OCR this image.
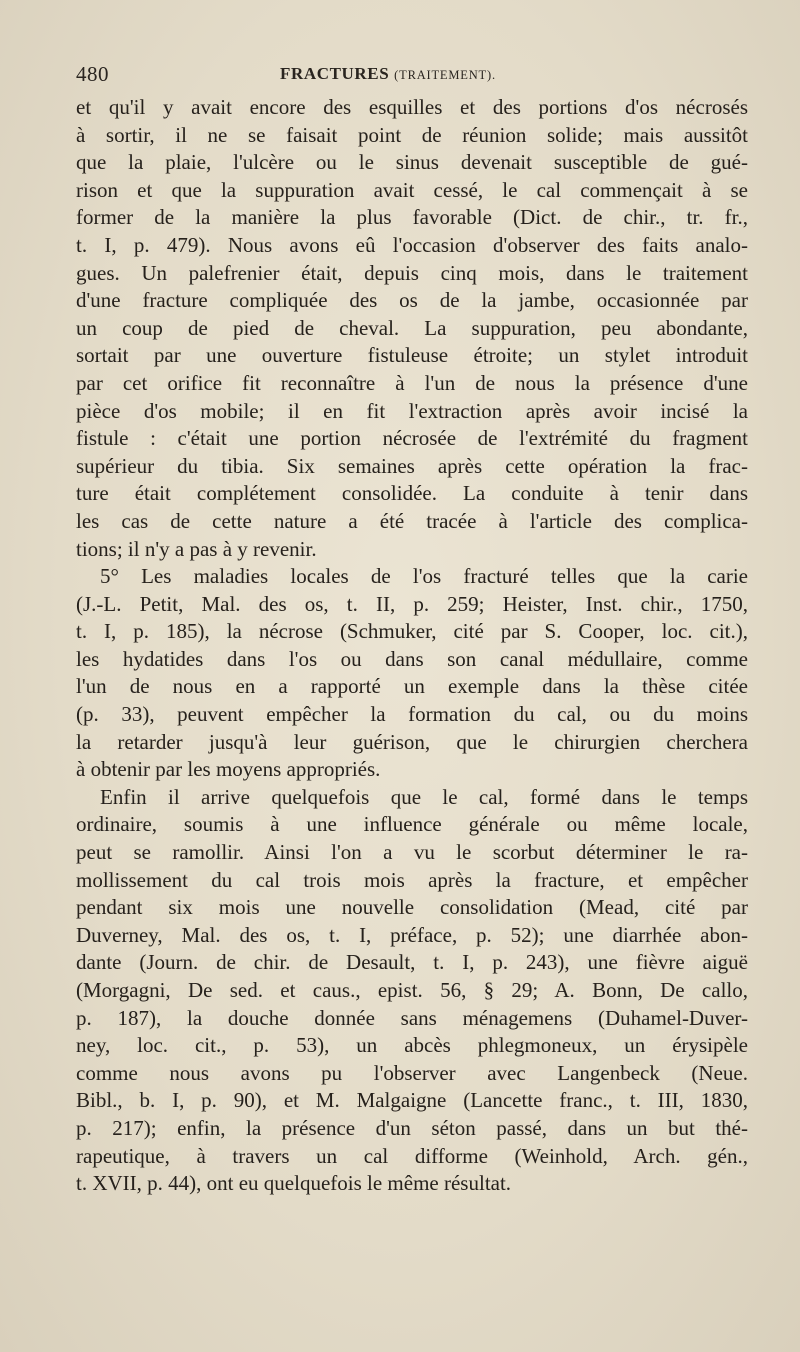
480	FRACTURES (TRAITEMENT).
et qu'il y avait encore des esquilles et des portions d'os nécrosés
à sortir, il ne se faisait point de réunion solide; mais aussitôt
que la plaie, l'ulcère ou le sinus devenait susceptible de gué-
rison et que la suppuration avait cessé, le cal commençait à se
former de la manière la plus favorable (Dict. de chir., tr. fr.,
t. I, p. 479). Nous avons eû l'occasion d'observer des faits analo-
gues. Un palefrenier était, depuis cinq mois, dans le traitement
d'une fracture compliquée des os de la jambe, occasionnée par
un coup de pied de cheval. La suppuration, peu abondante,
sortait par une ouverture fistuleuse étroite; un stylet introduit
par cet orifice fit reconnaître à l'un de nous la présence d'une
pièce d'os mobile; il en fit l'extraction après avoir incisé la
fistule : c'était une portion nécrosée de l'extrémité du fragment
supérieur du tibia. Six semaines après cette opération la frac-
ture était complétement consolidée. La conduite à tenir dans
les cas de cette nature a été tracée à l'article des complica-
tions; il n'y a pas à y revenir.
5° Les maladies locales de l'os fracturé telles que la carie
(J.-L. Petit, Mal. des os, t. II, p. 259; Heister, Inst. chir., 1750,
t. I, p. 185), la nécrose (Schmuker, cité par S. Cooper, loc. cit.),
les hydatides dans l'os ou dans son canal médullaire, comme
l'un de nous en a rapporté un exemple dans la thèse citée
(p. 33), peuvent empêcher la formation du cal, ou du moins
la retarder jusqu'à leur guérison, que le chirurgien cherchera
à obtenir par les moyens appropriés.
Enfin il arrive quelquefois que le cal, formé dans le temps
ordinaire, soumis à une influence générale ou même locale,
peut se ramollir. Ainsi l'on a vu le scorbut déterminer le ra-
mollissement du cal trois mois après la fracture, et empêcher
pendant six mois une nouvelle consolidation (Mead, cité par
Duverney, Mal. des os, t. I, préface, p. 52); une diarrhée abon-
dante (Journ. de chir. de Desault, t. I, p. 243), une fièvre aiguë
(Morgagni, De sed. et caus., epist. 56, § 29; A. Bonn, De callo,
p. 187), la douche donnée sans ménagemens (Duhamel-Duver-
ney, loc. cit., p. 53), un abcès phlegmoneux, un érysipèle
comme nous avons pu l'observer avec Langenbeck (Neue.
Bibl., b. I, p. 90), et M. Malgaigne (Lancette franc., t. III, 1830,
p. 217); enfin, la présence d'un séton passé, dans un but thé-
rapeutique, à travers un cal difforme (Weinhold, Arch. gén.,
t. XVII, p. 44), ont eu quelquefois le même résultat.
